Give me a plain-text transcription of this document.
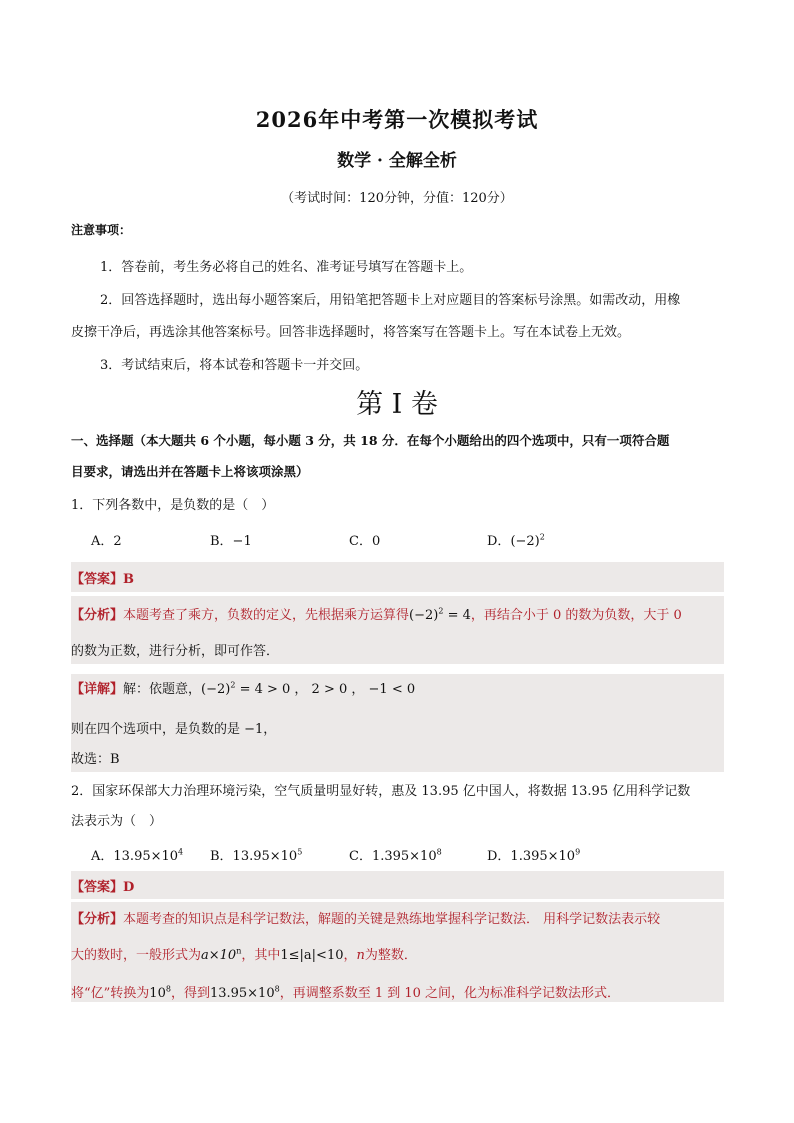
2026年中考第一次模拟考试
数学 · 全解全析
（考试时间：120分钟，分值：120分）
注意事项：
1．答卷前，考生务必将自己的姓名、准考证号填写在答题卡上。
2．回答选择题时，选出每小题答案后，用铅笔把答题卡上对应题目的答案标号涂黑。如需改动，用橡
皮擦干净后，再选涂其他答案标号。回答非选择题时，将答案写在答题卡上。写在本试卷上无效。
3．考试结束后，将本试卷和答题卡一并交回。
第 I 卷
一、选择题（本大题共 6 个小题，每小题 3 分，共 18 分．在每个小题给出的四个选项中，只有一项符合题
目要求，请选出并在答题卡上将该项涂黑）
1．下列各数中，是负数的是（　）
A．2	B．−1	C．0	D．$(-2)^2$
【答案】B
【分析】本题考查了乘方，负数的定义，先根据乘方运算得$(-2)^2 = 4$，再结合小于 0 的数为负数，大于 0
的数为正数，进行分析，即可作答．
【详解】解：依题意，$(-2)^2 = 4 > 0$ ， 2 > 0 ， −1 < 0
则在四个选项中，是负数的是 −1，
故选：B
2．国家环保部大力治理环境污染，空气质量明显好转，惠及 13.95 亿中国人，将数据 13.95 亿用科学记数
法表示为（　）
A．$13.95\times 10^4$ B．$13.95\times 10^5$	C．$1.395\times 10^8$	D．$1.395\times 10^9$
【答案】D
【分析】本题考查的知识点是科学记数法，解题的关键是熟练地掌握科学记数法． 用科学记数法表示较
大的数时，一般形式为$a\times 10^n$，其中1≤|a|<10，n为整数．
将“亿”转换为$10^8$，得到$13.95\times 10^8$，再调整系数至 1 到 10 之间，化为标准科学记数法形式．
